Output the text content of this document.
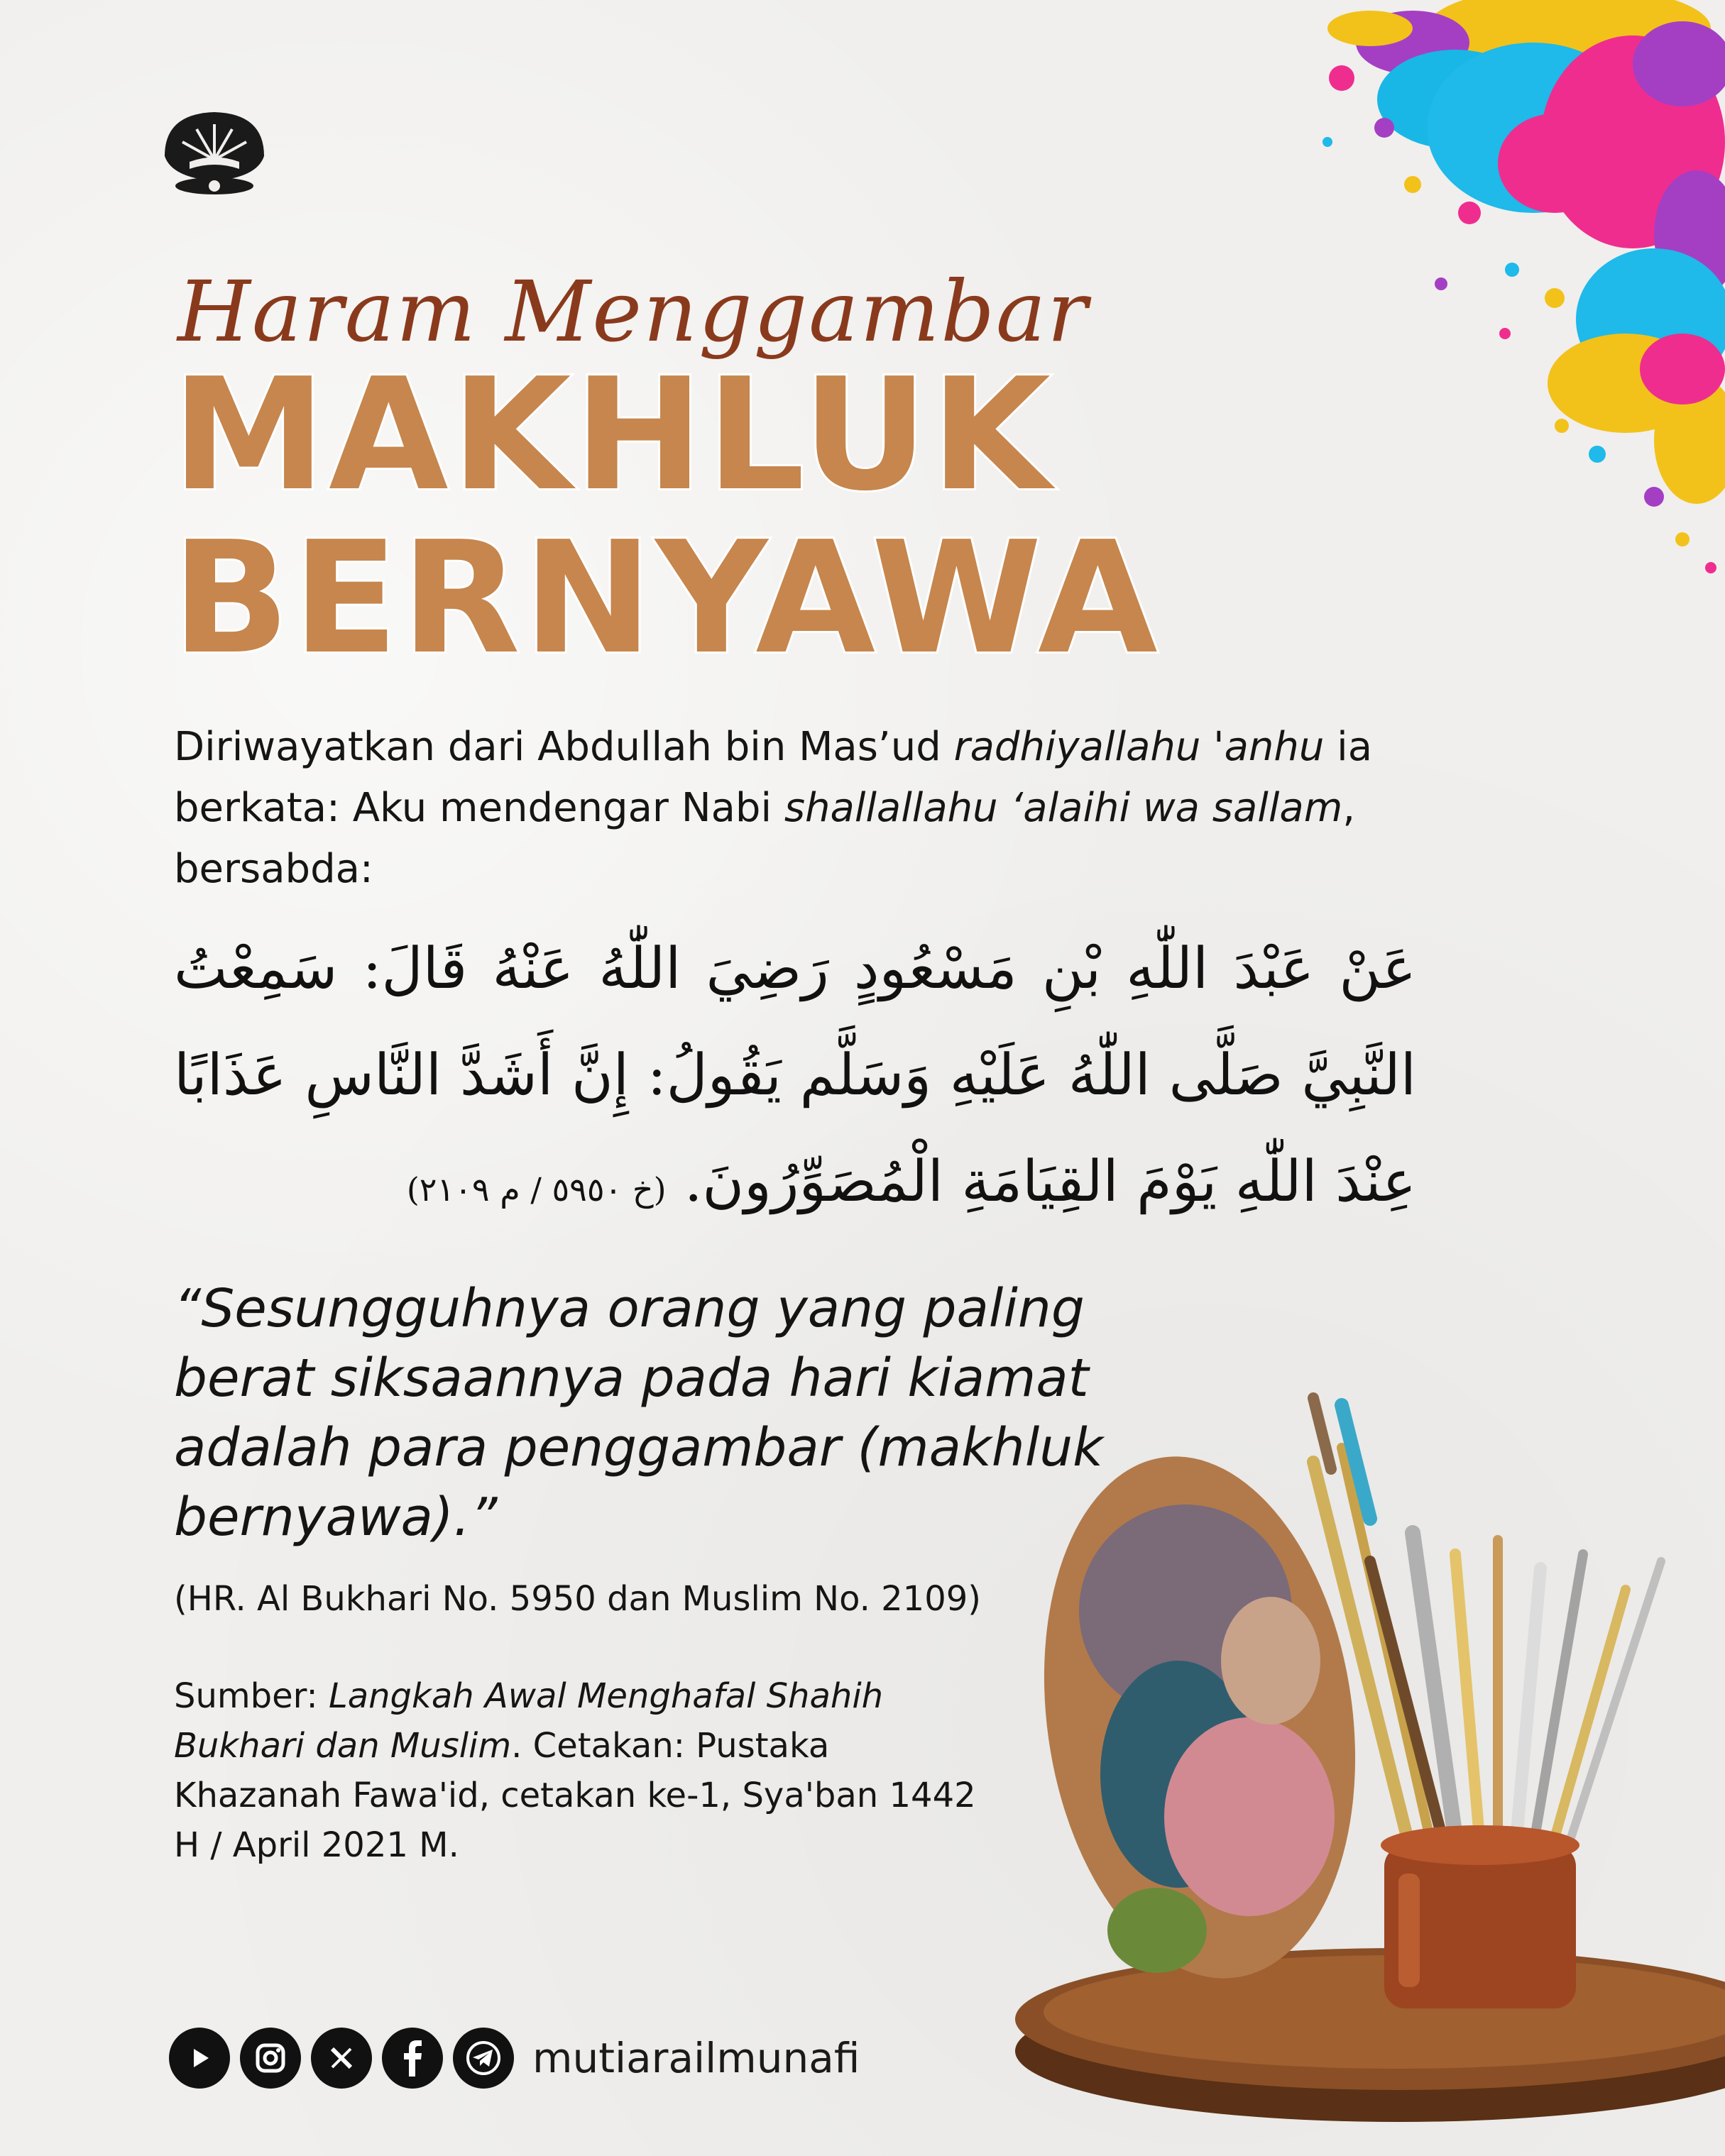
Haram Menggambar
MAKHLUK
BERNYAWA
Diriwayatkan dari Abdullah bin Mas’ud radhiyallahu 'anhu ia berkata: Aku mendengar Nabi shallallahu ‘alaihi wa sallam, bersabda:
عَنْ عَبْدَ اللّٰهِ بْنِ مَسْعُودٍ رَضِيَ اللّٰهُ عَنْهُ قَالَ: سَمِعْتُ النَّبِيَّ صَلَّى اللّٰهُ عَلَيْهِ وَسَلَّم يَقُولُ: إِنَّ أَشَدَّ النَّاسِ عَذَابًا عِنْدَ اللّٰهِ يَوْمَ القِيَامَةِ الْمُصَوِّرُونَ. (خ ٥٩٥٠ / م ٢١٠٩)
“Sesungguhnya orang yang paling berat siksaannya pada hari kiamat adalah para penggambar (makhluk bernyawa).”
(HR. Al Bukhari No. 5950 dan Muslim No. 2109)
Sumber: Langkah Awal Menghafal Shahih Bukhari dan Muslim. Cetakan: Pustaka Khazanah Fawa'id, cetakan ke-1, Sya'ban 1442 H / April 2021 M.
mutiarailmunafi
